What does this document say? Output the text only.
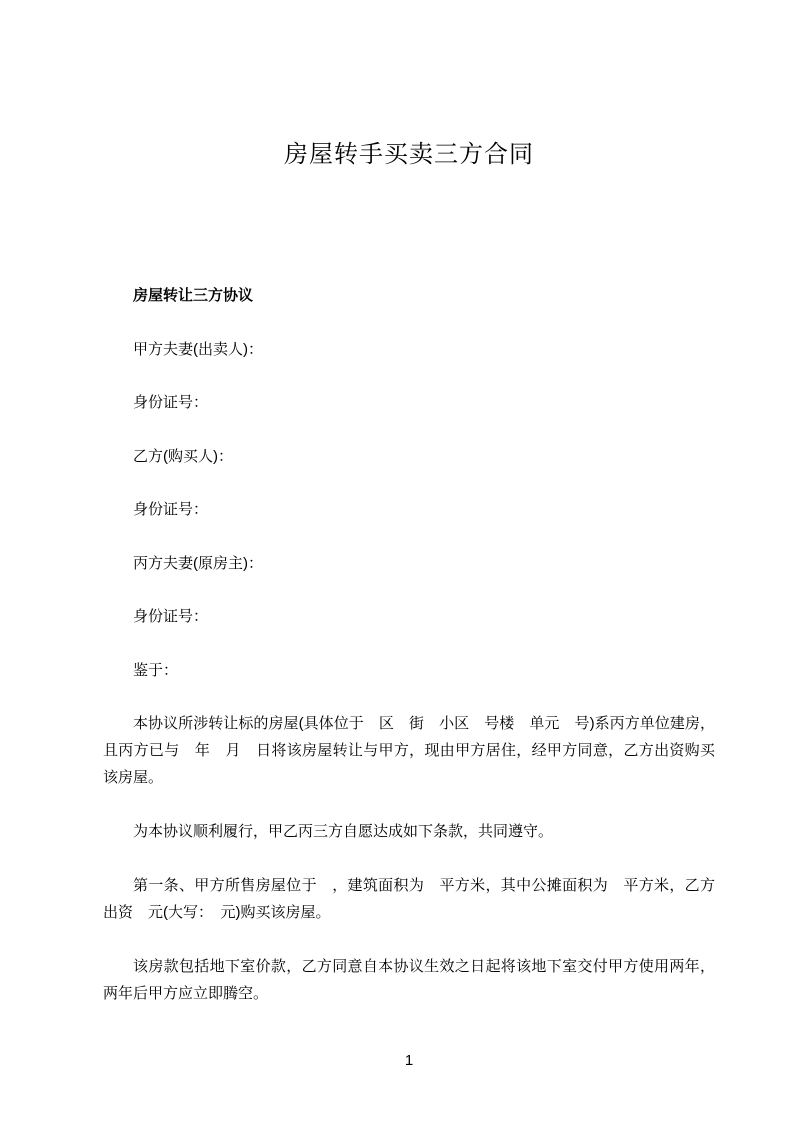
房屋转手买卖三方合同
房屋转让三方协议
甲方夫妻(出卖人)：
身份证号：
乙方(购买人)：
身份证号：
丙方夫妻(原房主)：
身份证号：
鉴于：

本协议所涉转让标的房屋(具体位于　区　街　小区　号楼　单元　号)系丙方单位建房，且丙方已与　年　月　日将该房屋转让与甲方，现由甲方居住，经甲方同意，乙方出资购买该房屋。

为本协议顺利履行，甲乙丙三方自愿达成如下条款，共同遵守。

第一条、甲方所售房屋位于　，建筑面积为　平方米，其中公摊面积为　平方米，乙方出资　元(大写：　元)购买该房屋。

该房款包括地下室价款，乙方同意自本协议生效之日起将该地下室交付甲方使用两年，两年后甲方应立即腾空。

1
